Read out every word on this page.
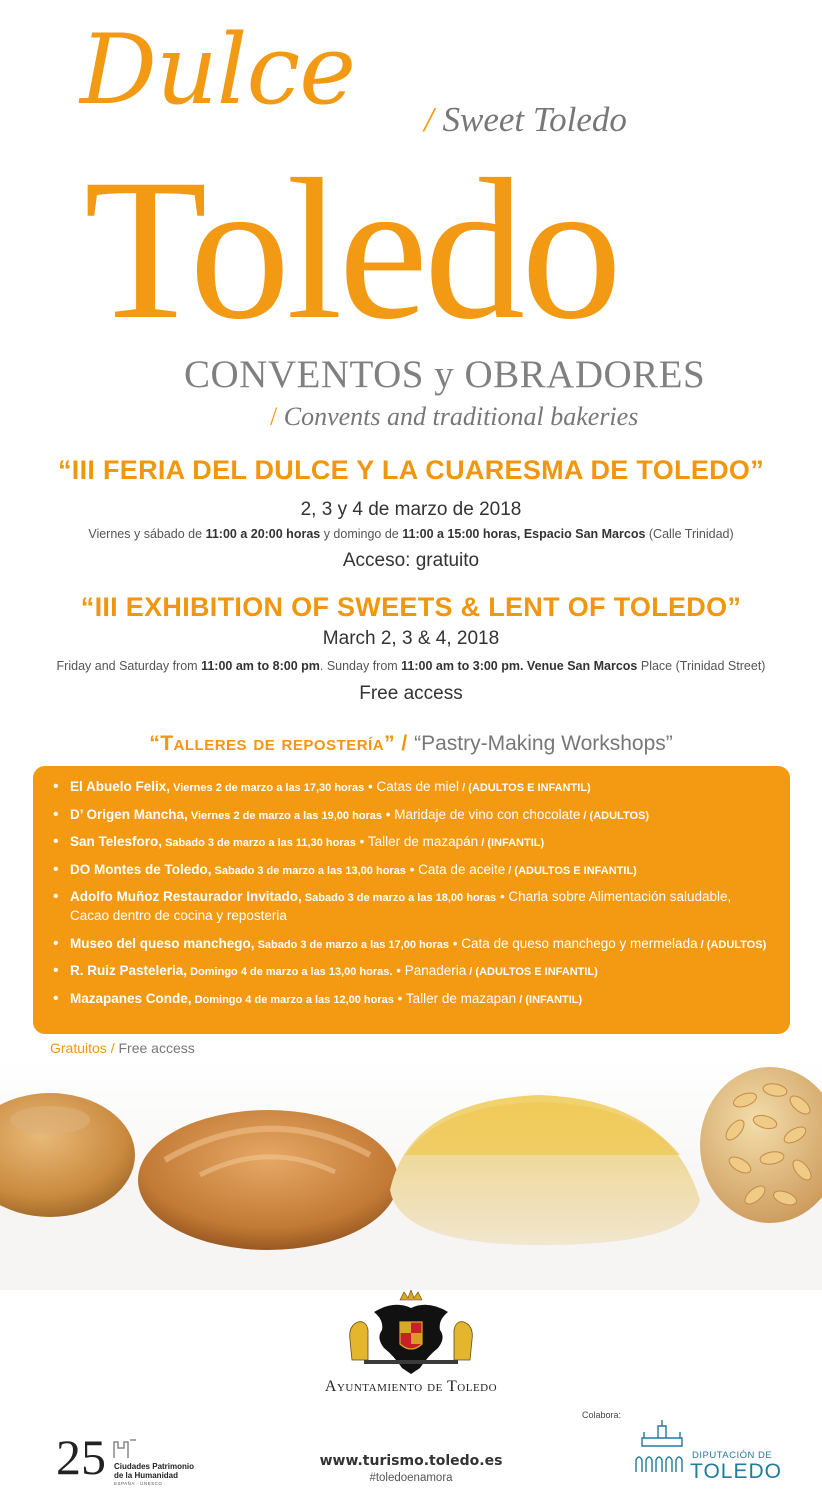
Dulce / Sweet Toledo
Toledo
CONVENTOS y OBRADORES
/ Convents and traditional bakeries
“III FERIA DEL DULCE Y LA CUARESMA DE TOLEDO”
2, 3 y 4 de marzo de 2018
Viernes y sábado de 11:00 a 20:00 horas y domingo de 11:00 a 15:00 horas, Espacio San Marcos (Calle Trinidad)
Acceso: gratuito
“III EXHIBITION OF SWEETS & LENT OF TOLEDO”
March 2, 3 & 4, 2018
Friday and Saturday from 11:00 am to 8:00 pm. Sunday from 11:00 am to 3:00 pm. Venue San Marcos Place (Trinidad Street)
Free access
“Talleres de repostería” / “Pastry-Making Workshops”
• El Abuelo Felix, Viernes 2 de marzo a las 17,30 horas • Catas de miel / (ADULTOS E INFANTIL)
• D’ Origen Mancha, Viernes 2 de marzo a las 19,00 horas • Maridaje de vino con chocolate / (ADULTOS)
• San Telesforo, Sabado 3 de marzo a las 11,30 horas • Taller de mazapán / (INFANTIL)
• DO Montes de Toledo, Sabado 3 de marzo a las 13,00 horas • Cata de aceite / (ADULTOS E INFANTIL)
• Adolfo Muñoz Restaurador Invitado, Sabado 3 de marzo a las 18,00 horas • Charla sobre Alimentación saludable, Cacao dentro de cocina y reposteria
• Museo del queso manchego, Sabado 3 de marzo a las 17,00 horas • Cata de queso manchego y mermelada / (ADULTOS)
• R. Ruiz Pasteleria, Domingo 4 de marzo a las 13,00 horas. • Panaderia / (ADULTOS E INFANTIL)
• Mazapanes Conde, Domingo 4 de marzo a las 12,00 horas • Taller de mazapan / (INFANTIL)
Gratuitos / Free access
Ayuntamiento de Toledo
25 Ciudades Patrimonio
de la Humanidad
ESPAÑA · UNESCO
www.turismo.toledo.es
#toledoenamora
Colabora:
DIPUTACIÓN DE
TOLEDO
